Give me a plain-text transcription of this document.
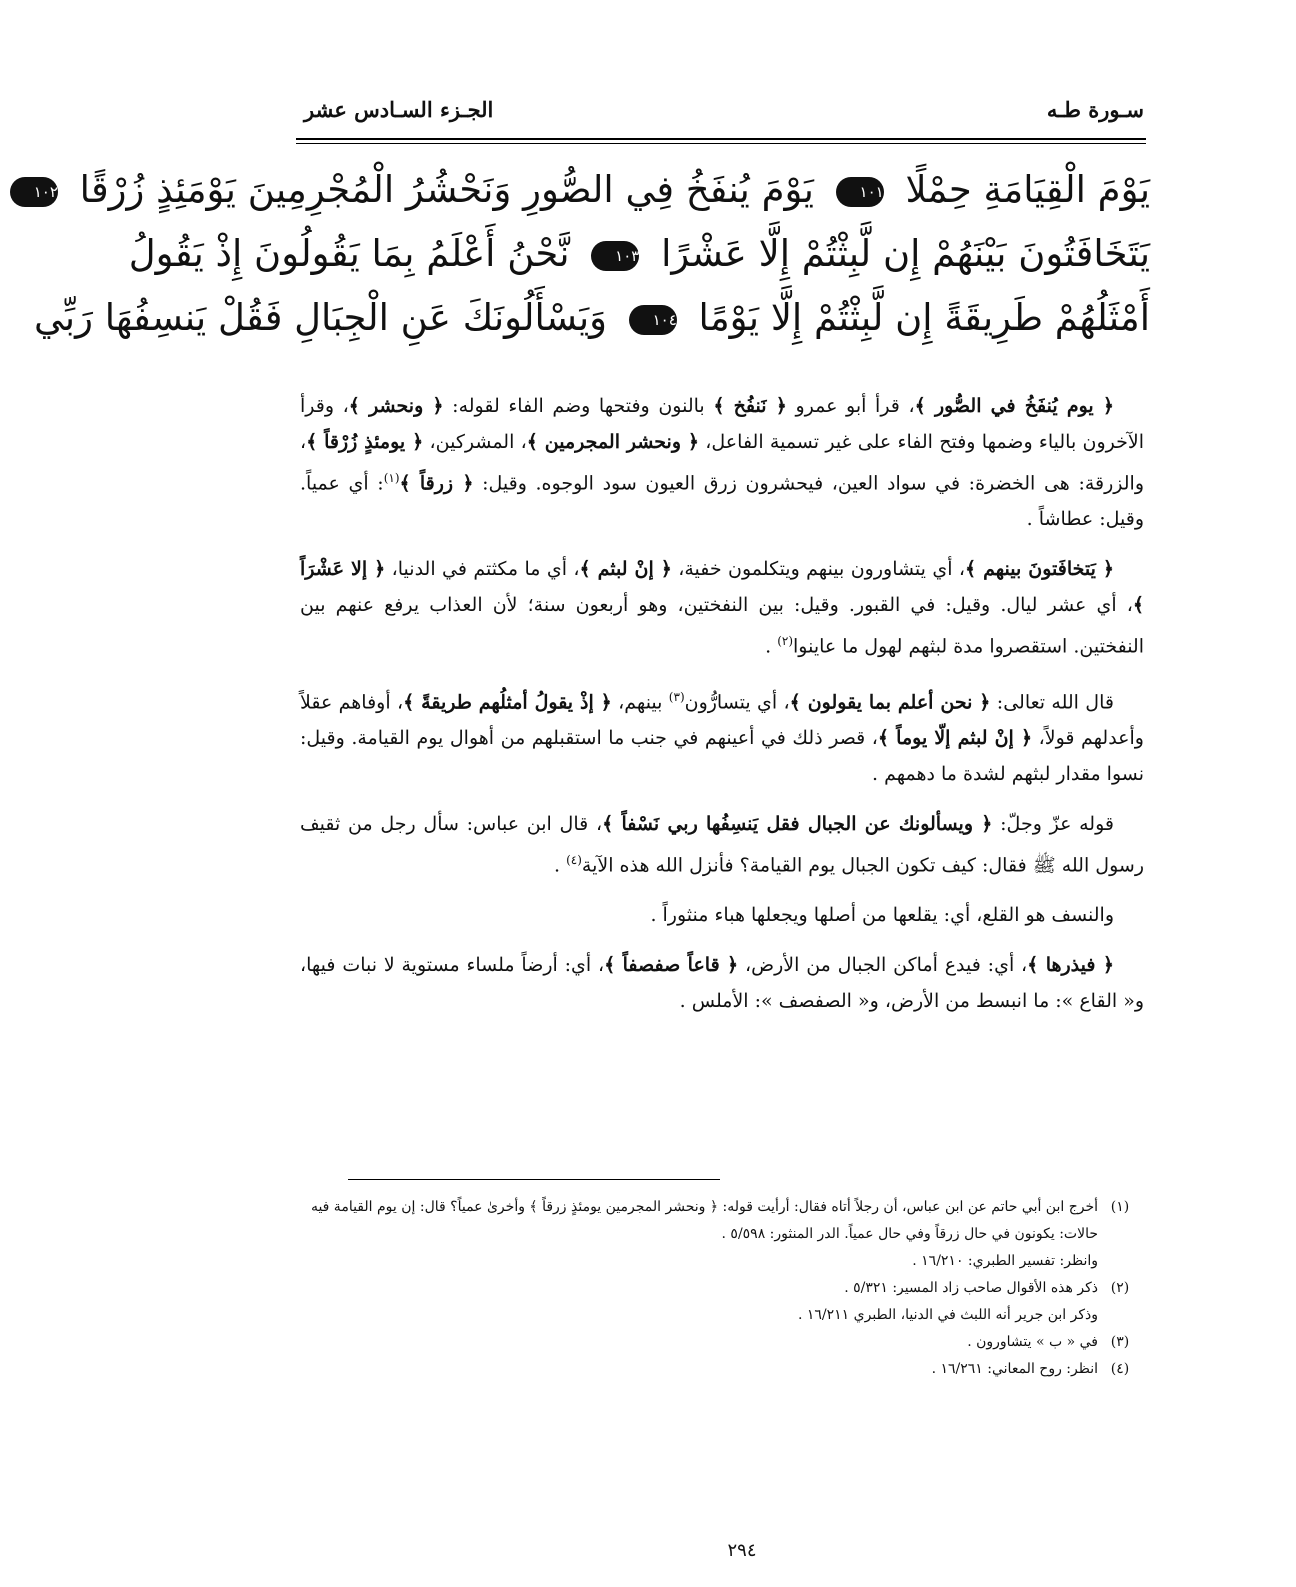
سـورة طـه
الجـزء السـادس عشر
يَوْمَ الْقِيَامَةِ حِمْلًا ١٠١ يَوْمَ يُنفَخُ فِي الصُّورِ وَنَحْشُرُ الْمُجْرِمِينَ يَوْمَئِذٍ زُرْقًا ١٠٢
يَتَخَافَتُونَ بَيْنَهُمْ إِن لَّبِثْتُمْ إِلَّا عَشْرًا ١٠٣ نَّحْنُ أَعْلَمُ بِمَا يَقُولُونَ إِذْ يَقُولُ
أَمْثَلُهُمْ طَرِيقَةً إِن لَّبِثْتُمْ إِلَّا يَوْمًا ١٠٤ وَيَسْأَلُونَكَ عَنِ الْجِبَالِ فَقُلْ يَنسِفُهَا رَبِّي

﴿ يوم يُنفَخُ في الصُّور ﴾، قرأ أبو عمرو ﴿ نَنفُخ ﴾ بالنون وفتحها وضم الفاء لقوله: ﴿ ونحشر ﴾، وقرأ الآخرون بالياء وضمها وفتح الفاء على غير تسمية الفاعل، ﴿ ونحشر المجرمين ﴾، المشركين، ﴿ يومئذٍ زُرْقاً ﴾، والزرقة: هى الخضرة: في سواد العين، فيحشرون زرق العيون سود الوجوه. وقيل: ﴿ زرقاً ﴾$^{(١)}$: أي عمياً. وقيل: عطاشاً .

﴿ يَتخافَتونَ بينهم ﴾، أي يتشاورون بينهم ويتكلمون خفية، ﴿ إنْ لبثم ﴾، أي ما مكثتم في الدنيا، ﴿ إلا عَشْرَاً ﴾، أي عشر ليال. وقيل: في القبور. وقيل: بين النفختين، وهو أربعون سنة؛ لأن العذاب يرفع عنهم بين النفختين. استقصروا مدة لبثهم لهول ما عاينوا$^{(٢)}$ .

قال الله تعالى: ﴿ نحن أعلم بما يقولون ﴾، أي يتسارُّون$^{(٣)}$ بينهم، ﴿ إذْ يقولُ أمثلُهم طريقةً ﴾، أوفاهم عقلاً وأعدلهم قولاً، ﴿ إنْ لبثم إلّا يوماً ﴾، قصر ذلك في أعينهم في جنب ما استقبلهم من أهوال يوم القيامة. وقيل: نسوا مقدار لبثهم لشدة ما دهمهم .

قوله عزّ وجلّ: ﴿ ويسألونك عن الجبال فقل يَنسِفُها ربي نَسْفاً ﴾، قال ابن عباس: سأل رجل من ثقيف رسول الله ﷺ فقال: كيف تكون الجبال يوم القيامة؟ فأنزل الله هذه الآية$^{(٤)}$ .

والنسف هو القلع، أي: يقلعها من أصلها ويجعلها هباء منثوراً .

﴿ فيذرها ﴾، أي: فيدع أماكن الجبال من الأرض، ﴿ قاعاً صفصفاً ﴾، أي: أرضاً ملساء مستوية لا نبات فيها، و« القاع »: ما انبسط من الأرض، و« الصفصف »: الأملس .

(١)
أخرج ابن أبي حاتم عن ابن عباس، أن رجلاً أتاه فقال: أرأيت قوله: ﴿ ونحشر المجرمين يومئذٍ زرقاً ﴾ وأخرىٰ عمياً؟ قال: إن يوم القيامة فيه حالات: يكونون في حال زرقاً وفي حال عمياً. الدر المنثور: ٥/٥٩٨ .
وانظر: تفسير الطبري: ١٦/٢١٠ .
(٢)
ذكر هذه الأقوال صاحب زاد المسير: ٥/٣٢١ .
وذكر ابن جرير أنه اللبث في الدنيا، الطبري ١٦/٢١١ .
(٣)
في « ب » يتشاورون .
(٤)
انظر: روح المعاني: ١٦/٢٦١ .
٢٩٤
